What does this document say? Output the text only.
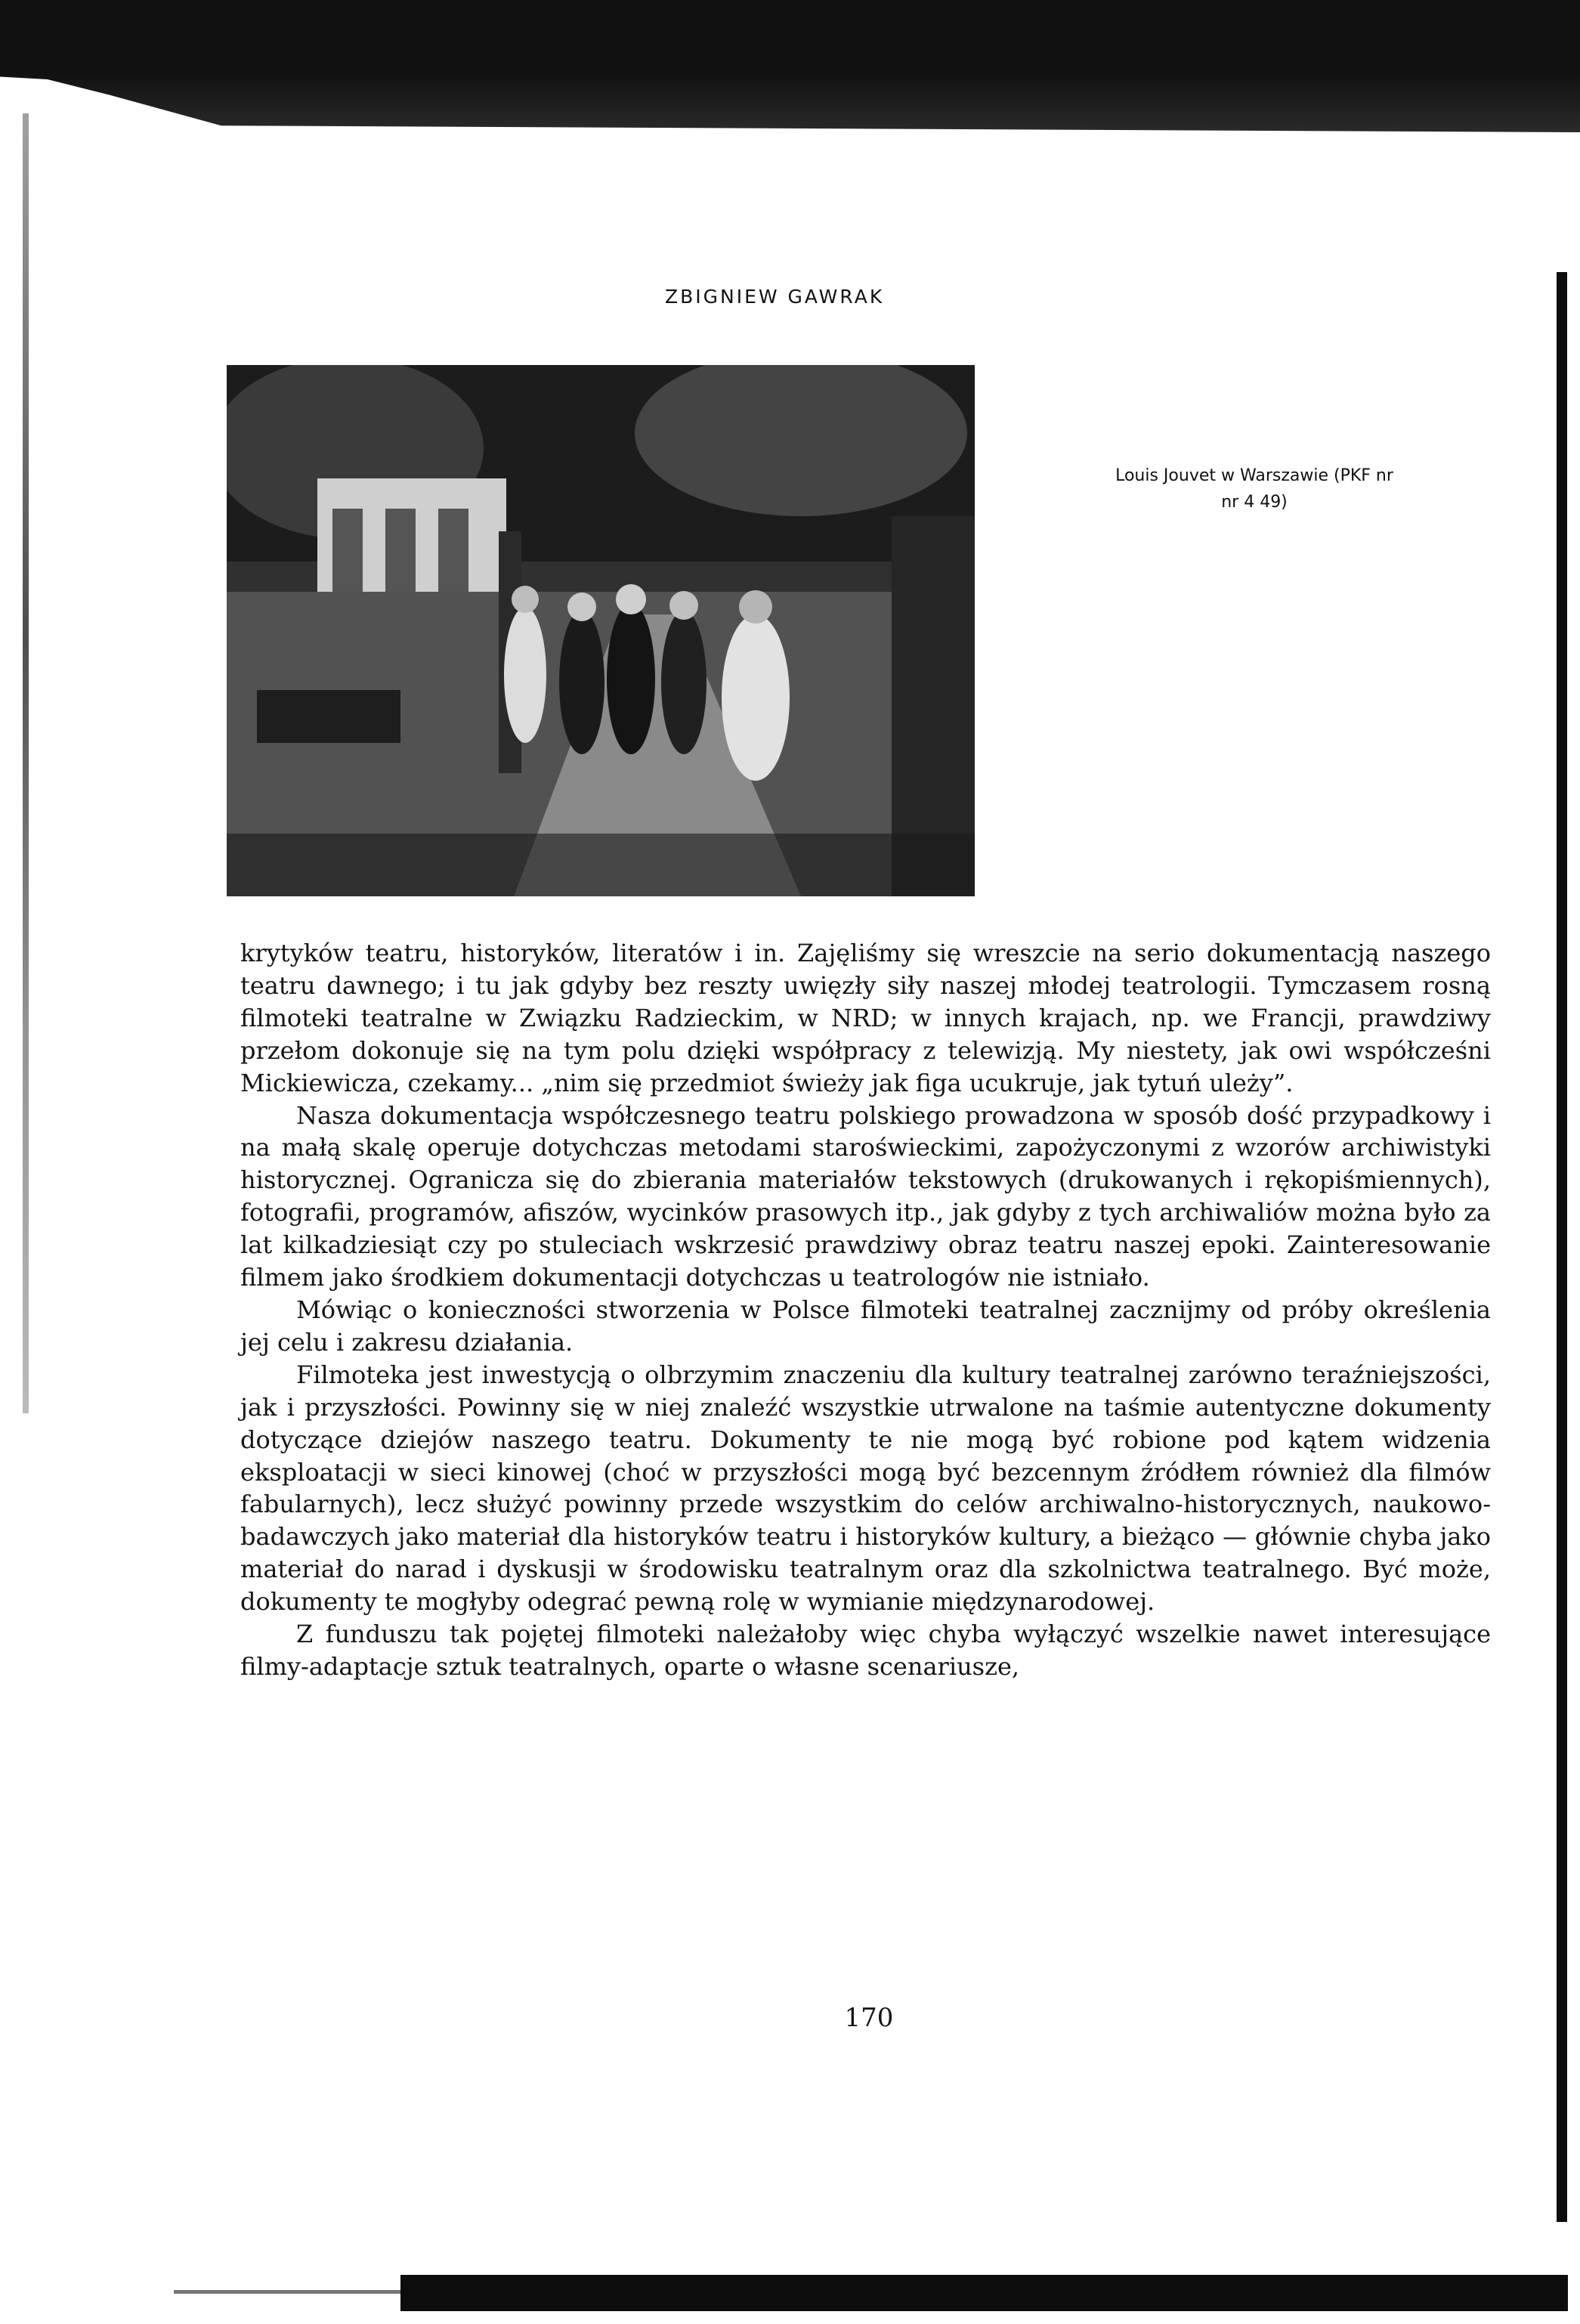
ZBIGNIEW GAWRAK
Louis Jouvet w Warszawie (PKF nr
nr 4 49)

krytyków teatru, historyków, literatów i in. Zajęliśmy się wreszcie na serio dokumentacją naszego teatru dawnego; i tu jak gdyby bez reszty uwięzły siły naszej młodej teatrologii. Tymczasem rosną filmoteki teatralne w Związku Radzieckim, w NRD; w innych krajach, np. we Francji, prawdziwy przełom dokonuje się na tym polu dzięki współpracy z telewizją. My niestety, jak owi współcześni Mickiewicza, czekamy... „nim się przedmiot świeży jak figa ucukruje, jak tytuń uleży”.

Nasza dokumentacja współczesnego teatru polskiego prowadzona w sposób dość przypadkowy i na małą skalę operuje dotychczas metodami staroświeckimi, zapożyczonymi z wzorów archiwistyki historycznej. Ogranicza się do zbierania materiałów tekstowych (drukowanych i rękopiśmiennych), fotografii, programów, afiszów, wycinków prasowych itp., jak gdyby z tych archiwaliów można było za lat kilkadziesiąt czy po stuleciach wskrzesić prawdziwy obraz teatru naszej epoki. Zainteresowanie filmem jako środkiem dokumentacji dotychczas u teatrologów nie istniało.

Mówiąc o konieczności stworzenia w Polsce filmoteki teatralnej zacznijmy od próby określenia jej celu i zakresu działania.

Filmoteka jest inwestycją o olbrzymim znaczeniu dla kultury teatralnej zarówno teraźniejszości, jak i przyszłości. Powinny się w niej znaleźć wszystkie utrwalone na taśmie autentyczne dokumenty dotyczące dziejów naszego teatru. Dokumenty te nie mogą być robione pod kątem widzenia eksploatacji w sieci kinowej (choć w przyszłości mogą być bezcennym źródłem również dla filmów fabularnych), lecz służyć powinny przede wszystkim do celów archiwalno-historycznych, naukowo-badawczych jako materiał dla historyków teatru i historyków kultury, a bieżąco — głównie chyba jako materiał do narad i dyskusji w środowisku teatralnym oraz dla szkolnictwa teatralnego. Być może, dokumenty te mogłyby odegrać pewną rolę w wymianie międzynarodowej.

Z funduszu tak pojętej filmoteki należałoby więc chyba wyłączyć wszelkie nawet interesujące filmy-adaptacje sztuk teatralnych, oparte o własne scenariusze,

170
